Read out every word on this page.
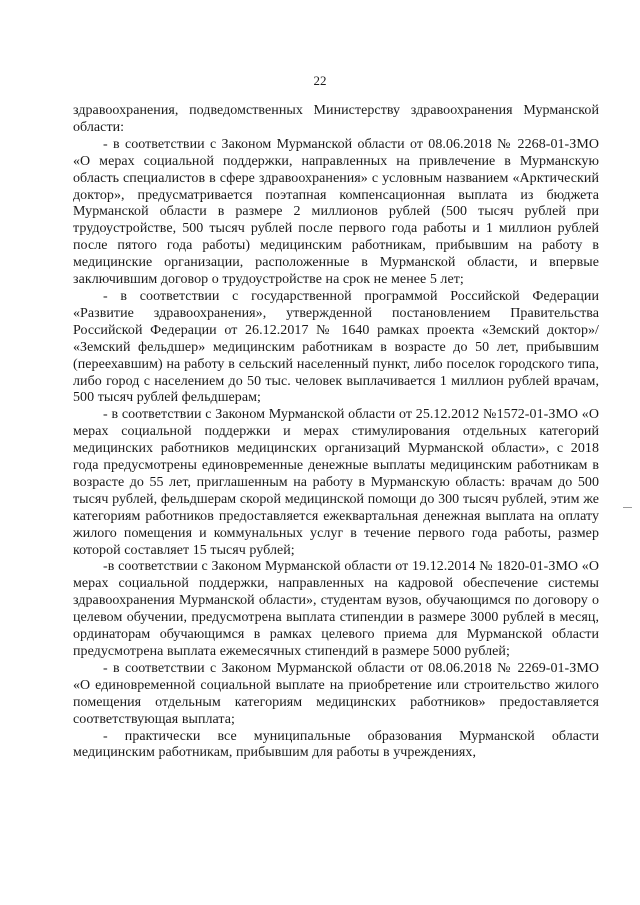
22

здравоохранения, подведомственных Министерству здравоохранения Мурманской области:

- в соответствии с Законом Мурманской области от 08.06.2018 № 2268-01-ЗМО «О мерах социальной поддержки, направленных на привлечение в Мурманскую область специалистов в сфере здравоохранения» с условным названием «Арктический доктор», предусматривается поэтапная компенсационная выплата из бюджета Мурманской области в размере 2 миллионов рублей (500 тысяч рублей при трудоустройстве, 500 тысяч рублей после первого года работы и 1 миллион рублей после пятого года работы) медицинским работникам, прибывшим на работу в медицинские организации, расположенные в Мурманской области, и впервые заключившим договор о трудоустройстве на срок не менее 5 лет;

- в соответствии с государственной программой Российской Федерации «Развитие здравоохранения», утвержденной постановлением Правительства Российской Федерации от 26.12.2017 № 1640 рамках проекта «Земский доктор»/ «Земский фельдшер» медицинским работникам в возрасте до 50 лет, прибывшим (переехавшим) на работу в сельский населенный пункт, либо поселок городского типа, либо город с населением до 50 тыс. человек выплачивается 1 миллион рублей врачам, 500 тысяч рублей фельдшерам;

- в соответствии с Законом Мурманской области от 25.12.2012 №1572-01-ЗМО «О мерах социальной поддержки и мерах стимулирования отдельных категорий медицинских работников медицинских организаций Мурманской области», с 2018 года предусмотрены единовременные денежные выплаты медицинским работникам в возрасте до 55 лет, приглашенным на работу в Мурманскую область: врачам до 500 тысяч рублей, фельдшерам скорой медицинской помощи до 300 тысяч рублей, этим же категориям работников предоставляется ежеквартальная денежная выплата на оплату жилого помещения и коммунальных услуг в течение первого года работы, размер которой составляет 15 тысяч рублей;

-в соответствии с Законом Мурманской области от 19.12.2014 № 1820-01-ЗМО «О мерах социальной поддержки, направленных на кадровой обеспечение системы здравоохранения Мурманской области», студентам вузов, обучающимся по договору о целевом обучении, предусмотрена выплата стипендии в размере 3000 рублей в месяц, ординаторам обучающимся в рамках целевого приема для Мурманской области предусмотрена выплата ежемесячных стипендий в размере 5000 рублей;

- в соответствии с Законом Мурманской области от 08.06.2018 № 2269-01-ЗМО «О единовременной социальной выплате на приобретение или строительство жилого помещения отдельным категориям медицинских работников» предоставляется соответствующая выплата;

- практически все муниципальные образования Мурманской области медицинским работникам, прибывшим для работы в учреждениях,
